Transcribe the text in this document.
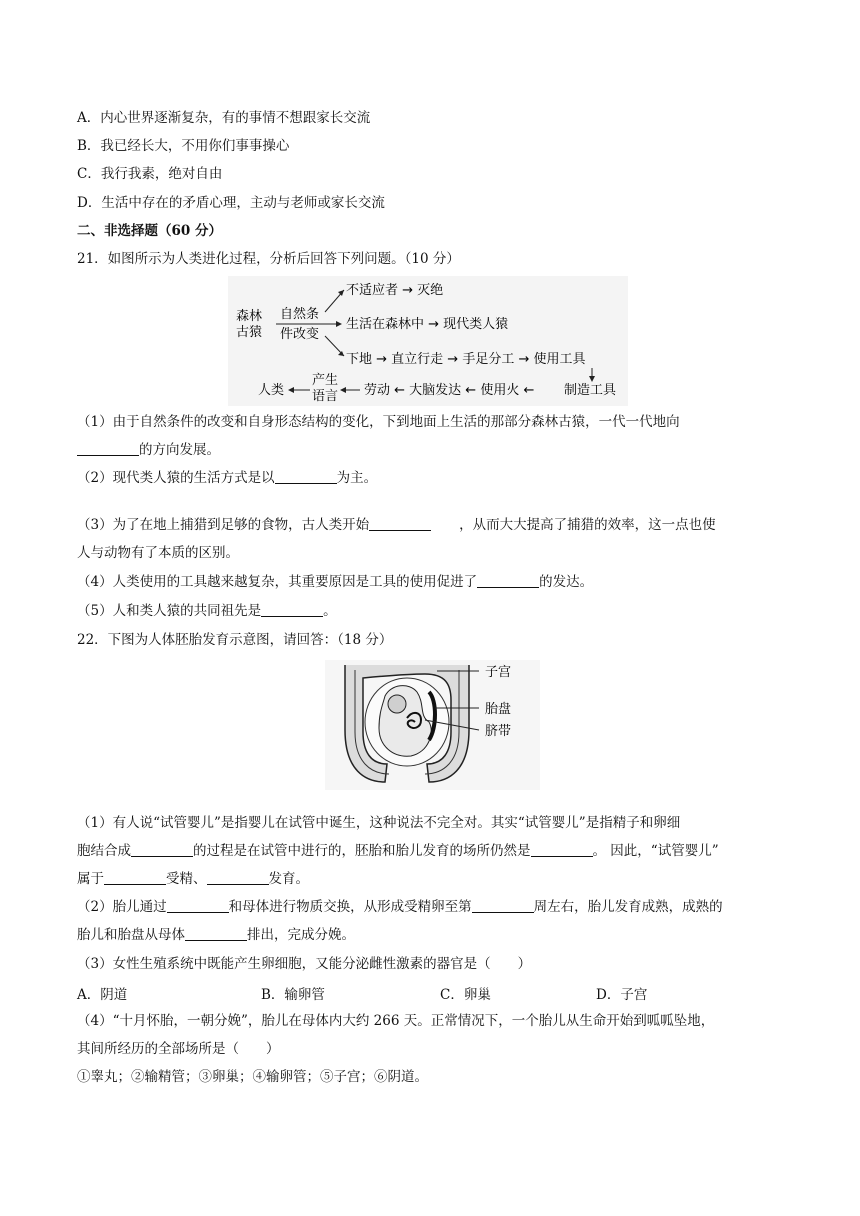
A．内心世界逐渐复杂，有的事情不想跟家长交流
B．我已经长大，不用你们事事操心
C．我行我素，绝对自由
D．生活中存在的矛盾心理，主动与老师或家长交流
二、非选择题（60 分）
21．如图所示为人类进化过程，分析后回答下列问题。（10 分）
森林
古猿
自然条
件改变
不适应者 → 灭绝
生活在森林中 → 现代类人猿
下地 → 直立行走 → 手足分工 → 使用工具
制造工具
劳动 ← 大脑发达 ← 使用火 ←
产生
语言
人类
（1）由于自然条件的改变和自身形态结构的变化，下到地面上生活的那部分森林古猿，一代一代地向
的方向发展。
（2）现代类人猿的生活方式是以	为主。
（3）为了在地上捕猎到足够的食物，古人类开始	，从而大大提高了捕猎的效率，这一点也使
人与动物有了本质的区别。
（4）人类使用的工具越来越复杂，其重要原因是工具的使用促进了	的发达。
（5）人和类人猿的共同祖先是	。
22．下图为人体胚胎发育示意图，请回答：（18 分）
子宫
胎盘
脐带
（1）有人说“试管婴儿”是指婴儿在试管中诞生，这种说法不完全对。其实“试管婴儿”是指精子和卵细
胞结合成	的过程是在试管中进行的，胚胎和胎儿发育的场所仍然是	。 因此，“试管婴儿”
属于	受精、	发育。
（2）胎儿通过	和母体进行物质交换，从形成受精卵至第	周左右，胎儿发育成熟，成熟的
胎儿和胎盘从母体	排出，完成分娩。
（3）女性生殖系统中既能产生卵细胞，又能分泌雌性激素的器官是（　　）
A．阴道	B．输卵管	C．卵巢	D．子宫
（4）“十月怀胎，一朝分娩”，胎儿在母体内大约 266 天。正常情况下，一个胎儿从生命开始到呱呱坠地，
其间所经历的全部场所是（　　）
①睾丸；②输精管；③卵巢；④输卵管；⑤子宫；⑥阴道。
